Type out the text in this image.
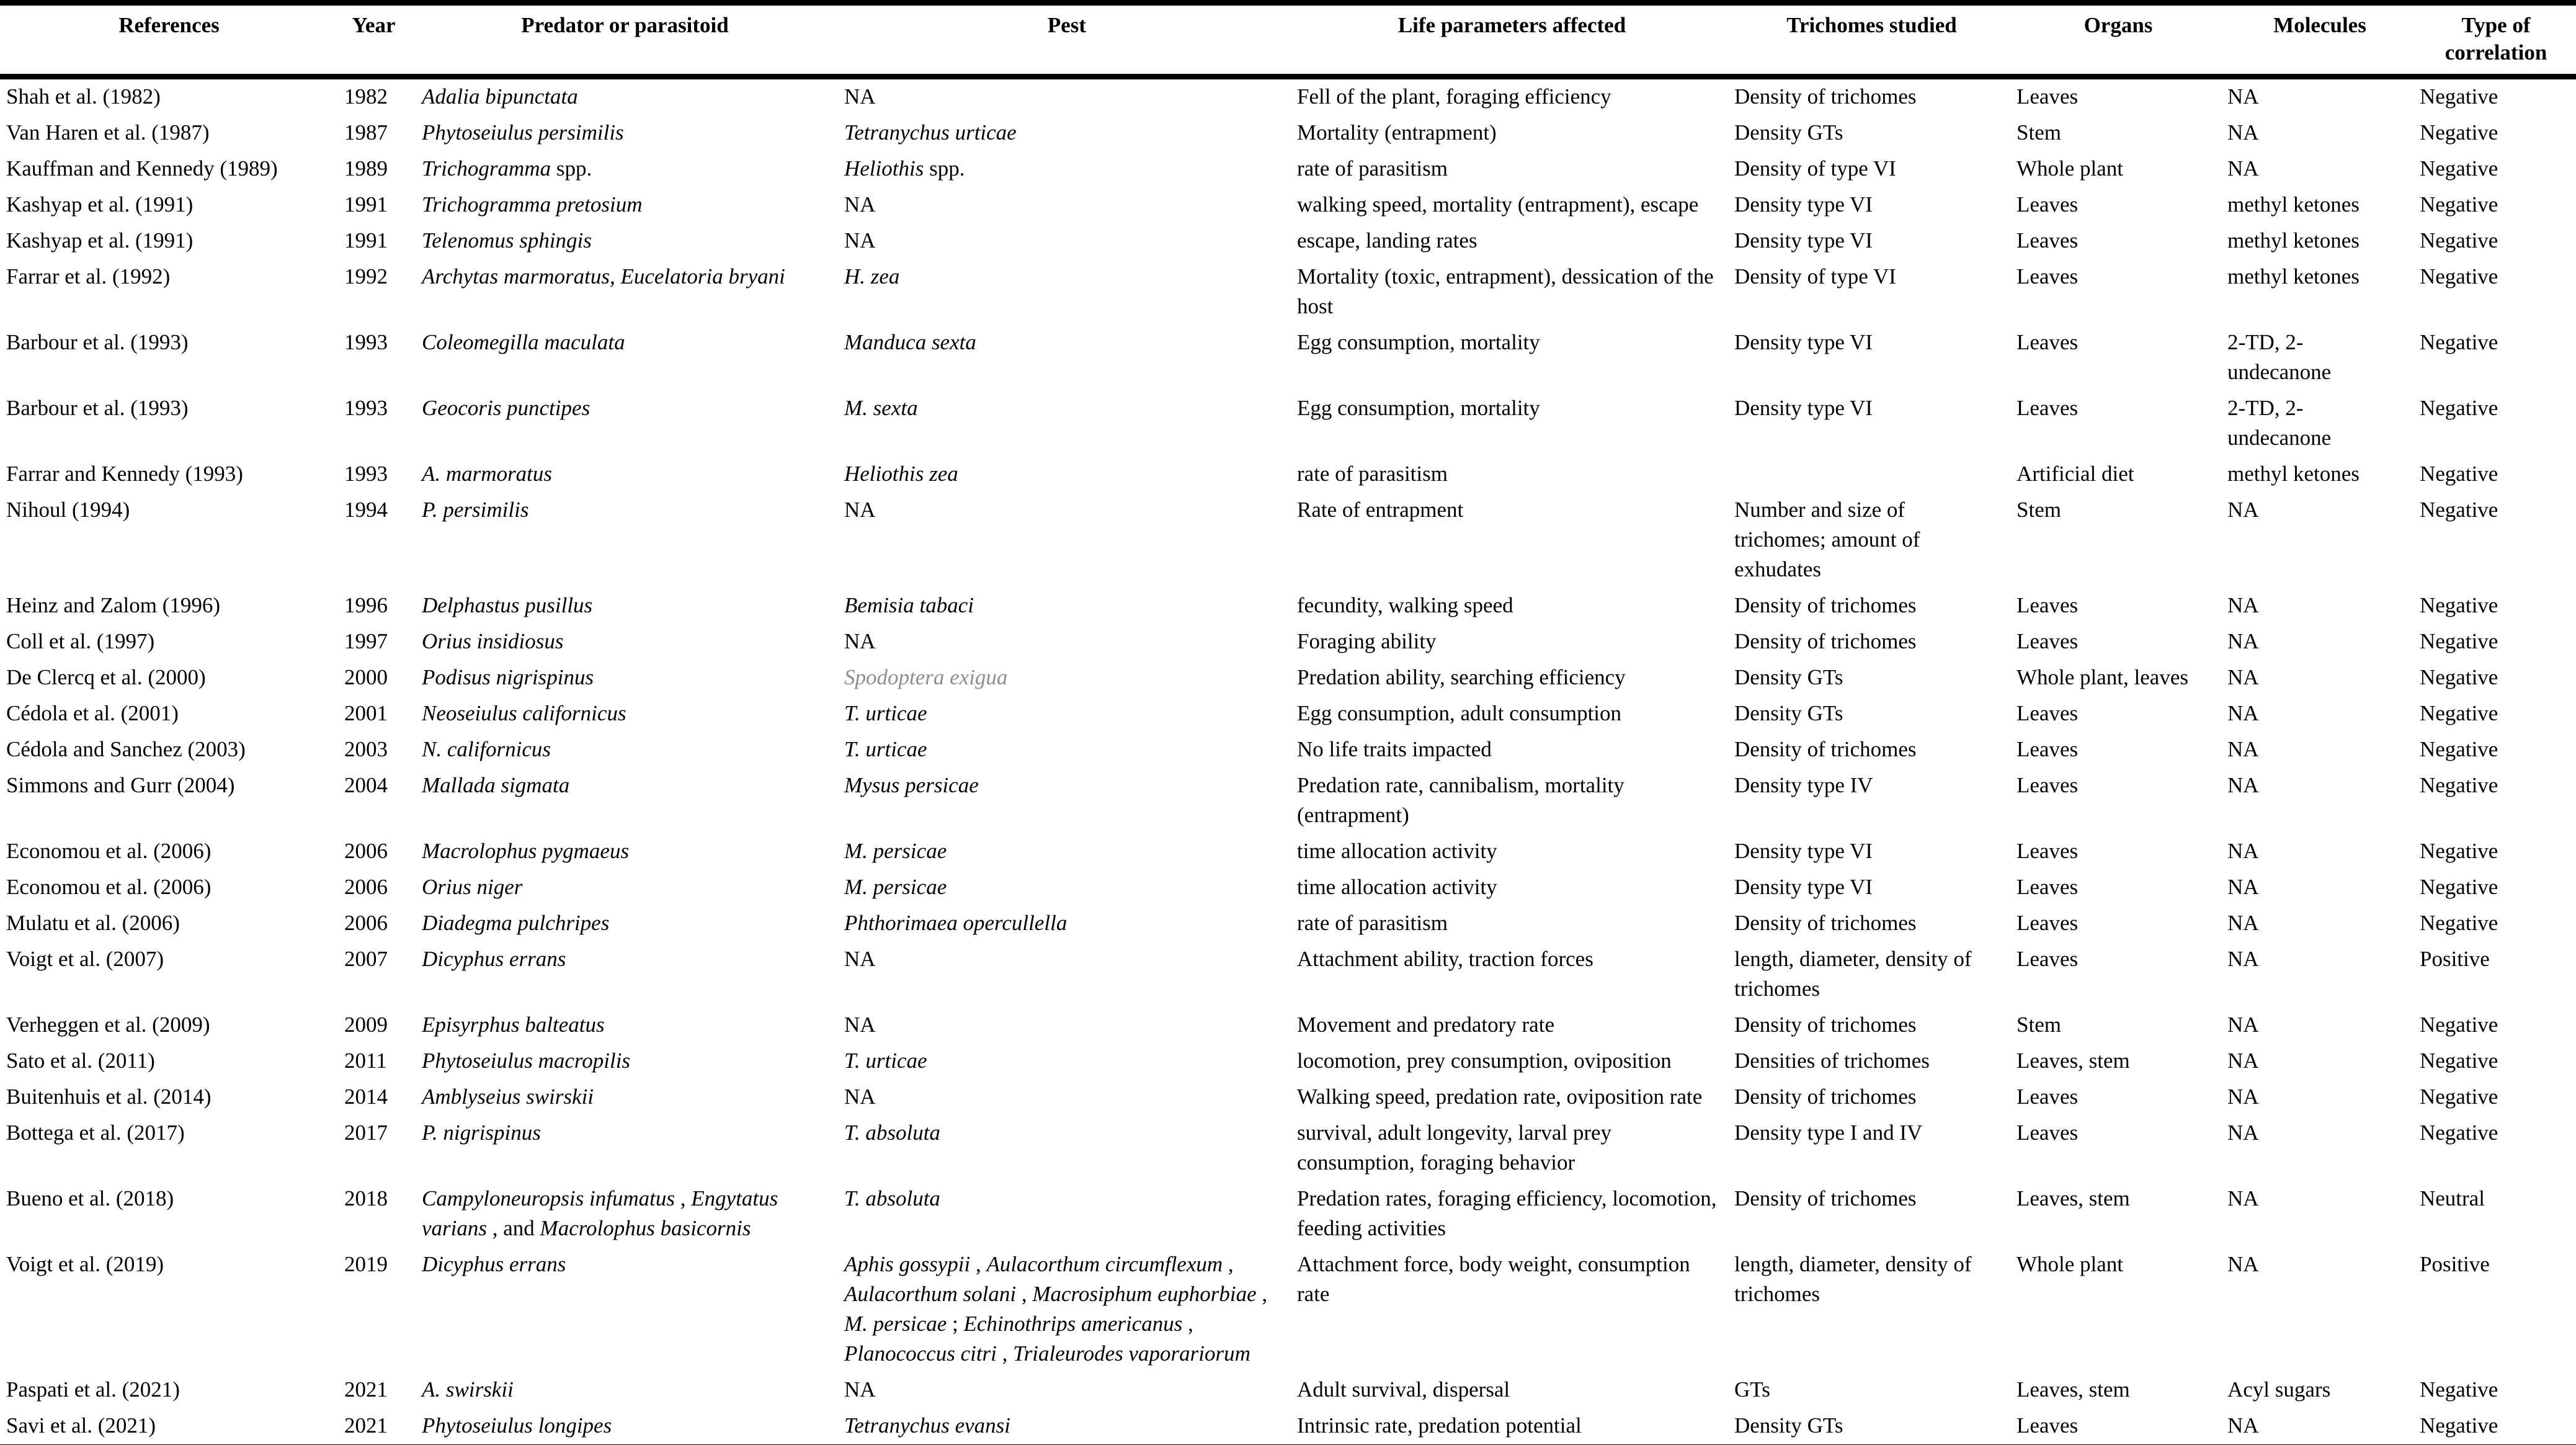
References	Year	Predator or parasitoid	Pest	Life parameters affected	Trichomes studied	Organs	Molecules	Type of correlation
Shah et al. (1982)	1982	Adalia bipunctata	NA	Fell of the plant, foraging efficiency	Density of trichomes	Leaves	NA	Negative
Van Haren et al. (1987)	1987	Phytoseiulus persimilis	Tetranychus urticae	Mortality (entrapment)	Density GTs	Stem	NA	Negative
Kauffman and Kennedy (1989)	1989	Trichogramma spp.	Heliothis spp.	rate of parasitism	Density of type VI	Whole plant	NA	Negative
Kashyap et al. (1991)	1991	Trichogramma pretosium	NA	walking speed, mortality (entrapment), escape	Density type VI	Leaves	methyl ketones	Negative
Kashyap et al. (1991)	1991	Telenomus sphingis	NA	escape, landing rates	Density type VI	Leaves	methyl ketones	Negative
Farrar et al. (1992)	1992	Archytas marmoratus, Eucelatoria bryani	H. zea	Mortality (toxic, entrapment), dessication of the host	Density of type VI	Leaves	methyl ketones	Negative
Barbour et al. (1993)	1993	Coleomegilla maculata	Manduca sexta	Egg consumption, mortality	Density type VI	Leaves	2-TD, 2-undecanone	Negative
Barbour et al. (1993)	1993	Geocoris punctipes	M. sexta	Egg consumption, mortality	Density type VI	Leaves	2-TD, 2-undecanone	Negative
Farrar and Kennedy (1993)	1993	A. marmoratus	Heliothis zea	rate of parasitism		Artificial diet	methyl ketones	Negative
Nihoul (1994)	1994	P. persimilis	NA	Rate of entrapment	Number and size of trichomes; amount of exhudates	Stem	NA	Negative
Heinz and Zalom (1996)	1996	Delphastus pusillus	Bemisia tabaci	fecundity, walking speed	Density of trichomes	Leaves	NA	Negative
Coll et al. (1997)	1997	Orius insidiosus	NA	Foraging ability	Density of trichomes	Leaves	NA	Negative
De Clercq et al. (2000)	2000	Podisus nigrispinus	Spodoptera exigua	Predation ability, searching efficiency	Density GTs	Whole plant, leaves	NA	Negative
Cédola et al. (2001)	2001	Neoseiulus californicus	T. urticae	Egg consumption, adult consumption	Density GTs	Leaves	NA	Negative
Cédola and Sanchez (2003)	2003	N. californicus	T. urticae	No life traits impacted	Density of trichomes	Leaves	NA	Negative
Simmons and Gurr (2004)	2004	Mallada sigmata	Mysus persicae	Predation rate, cannibalism, mortality (entrapment)	Density type IV	Leaves	NA	Negative
Economou et al. (2006)	2006	Macrolophus pygmaeus	M. persicae	time allocation activity	Density type VI	Leaves	NA	Negative
Economou et al. (2006)	2006	Orius niger	M. persicae	time allocation activity	Density type VI	Leaves	NA	Negative
Mulatu et al. (2006)	2006	Diadegma pulchripes	Phthorimaea opercullella	rate of parasitism	Density of trichomes	Leaves	NA	Negative
Voigt et al. (2007)	2007	Dicyphus errans	NA	Attachment ability, traction forces	length, diameter, density of trichomes	Leaves	NA	Positive
Verheggen et al. (2009)	2009	Episyrphus balteatus	NA	Movement and predatory rate	Density of trichomes	Stem	NA	Negative
Sato et al. (2011)	2011	Phytoseiulus macropilis	T. urticae	locomotion, prey consumption, oviposition	Densities of trichomes	Leaves, stem	NA	Negative
Buitenhuis et al. (2014)	2014	Amblyseius swirskii	NA	Walking speed, predation rate, oviposition rate	Density of trichomes	Leaves	NA	Negative
Bottega et al. (2017)	2017	P. nigrispinus	T. absoluta	survival, adult longevity, larval prey consumption, foraging behavior	Density type I and IV	Leaves	NA	Negative
Bueno et al. (2018)	2018	Campyloneuropsis infumatus , Engytatus varians , and Macrolophus basicornis	T. absoluta	Predation rates, foraging efficiency, locomotion, feeding activities	Density of trichomes	Leaves, stem	NA	Neutral
Voigt et al. (2019)	2019	Dicyphus errans	Aphis gossypii , Aulacorthum circumflexum , Aulacorthum solani , Macrosiphum euphorbiae , M. persicae ; Echinothrips americanus , Planococcus citri , Trialeurodes vaporariorum	Attachment force, body weight, consumption rate	length, diameter, density of trichomes	Whole plant	NA	Positive
Paspati et al. (2021)	2021	A. swirskii	NA	Adult survival, dispersal	GTs	Leaves, stem	Acyl sugars	Negative
Savi et al. (2021)	2021	Phytoseiulus longipes	Tetranychus evansi	Intrinsic rate, predation potential	Density GTs	Leaves	NA	Negative
